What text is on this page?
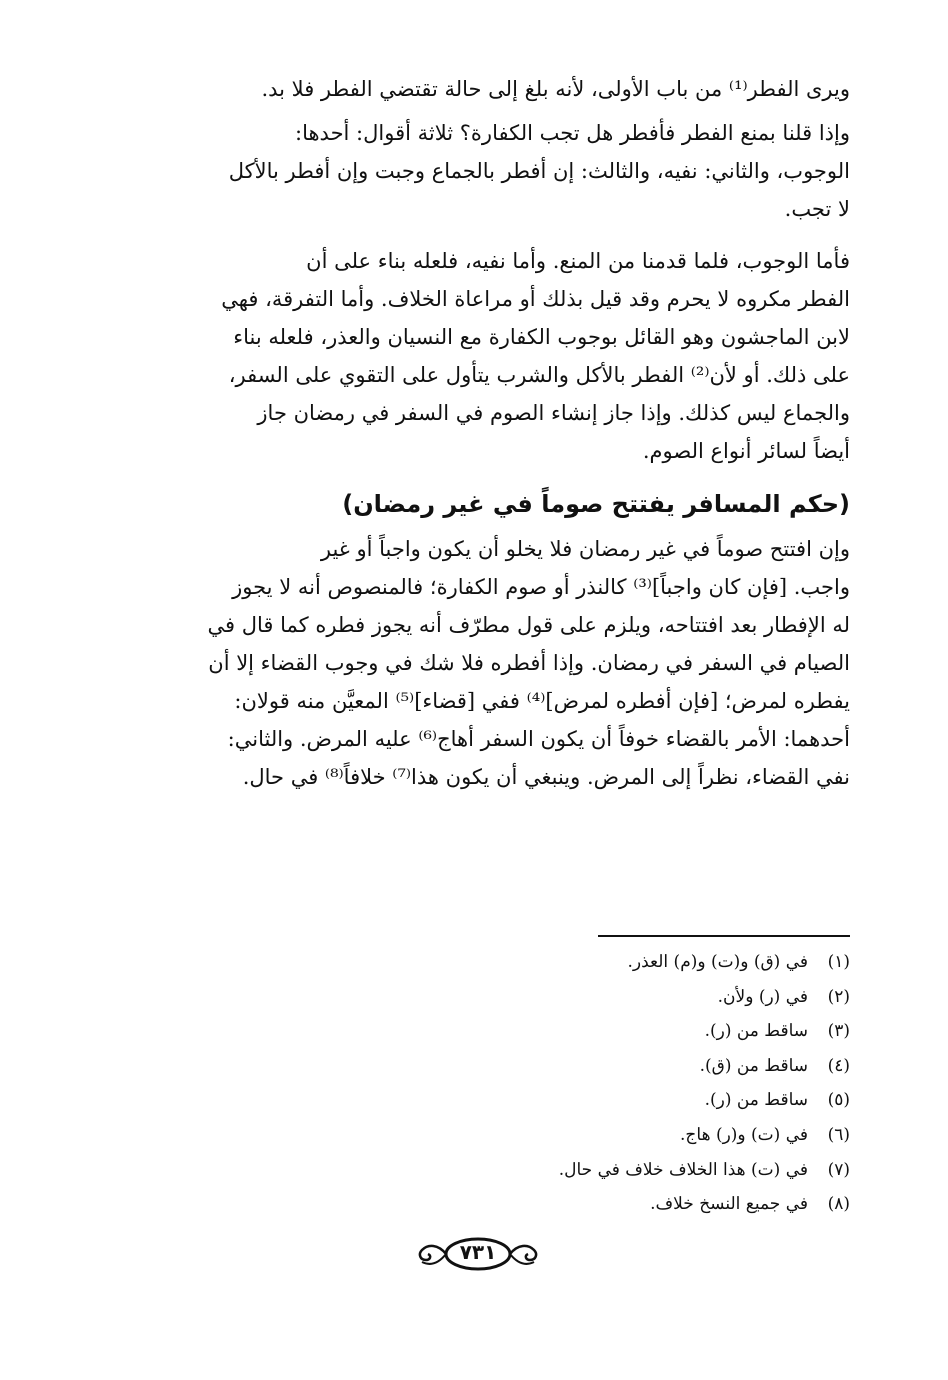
ويرى الفطر⁽¹⁾ من باب الأولى، لأنه بلغ إلى حالة تقتضي الفطر فلا بد.

وإذا قلنا بمنع الفطر فأفطر هل تجب الكفارة؟ ثلاثة أقوال: أحدها:
الوجوب، والثاني: نفيه، والثالث: إن أفطر بالجماع وجبت وإن أفطر بالأكل
لا تجب.

فأما الوجوب، فلما قدمنا من المنع. وأما نفيه، فلعله بناء على أن
الفطر مكروه لا يحرم وقد قيل بذلك أو مراعاة الخلاف. وأما التفرقة، فهي
لابن الماجشون وهو القائل بوجوب الكفارة مع النسيان والعذر، فلعله بناء
على ذلك. أو لأن⁽²⁾ الفطر بالأكل والشرب يتأول على التقوي على السفر،
والجماع ليس كذلك. وإذا جاز إنشاء الصوم في السفر في رمضان جاز
أيضاً لسائر أنواع الصوم.

(حكم المسافر يفتتح صوماً في غير رمضان)

وإن افتتح صوماً في غير رمضان فلا يخلو أن يكون واجباً أو غير
واجب. [فإن كان واجباً]⁽³⁾ كالنذر أو صوم الكفارة؛ فالمنصوص أنه لا يجوز
له الإفطار بعد افتتاحه، ويلزم على قول مطرّف أنه يجوز فطره كما قال في
الصيام في السفر في رمضان. وإذا أفطره فلا شك في وجوب القضاء إلا أن
يفطره لمرض؛ [فإن أفطره لمرض]⁽⁴⁾ ففي [قضاء]⁽⁵⁾ المعيَّن منه قولان:
أحدهما: الأمر بالقضاء خوفاً أن يكون السفر أهاج⁽⁶⁾ عليه المرض. والثاني:
نفي القضاء، نظراً إلى المرض. وينبغي أن يكون هذا⁽⁷⁾ خلافاً⁽⁸⁾ في حال.

(١)
في (ق) و(ت) و(م) العذر.
(٢)
في (ر) ولأن.
(٣)
ساقط من (ر).
(٤)
ساقط من (ق).
(٥)
ساقط من (ر).
(٦)
في (ت) و(ر) هاج.
(٧)
في (ت) هذا الخلاف خلاف في حال.
(٨)
في جميع النسخ خلاف.
٧٣١
